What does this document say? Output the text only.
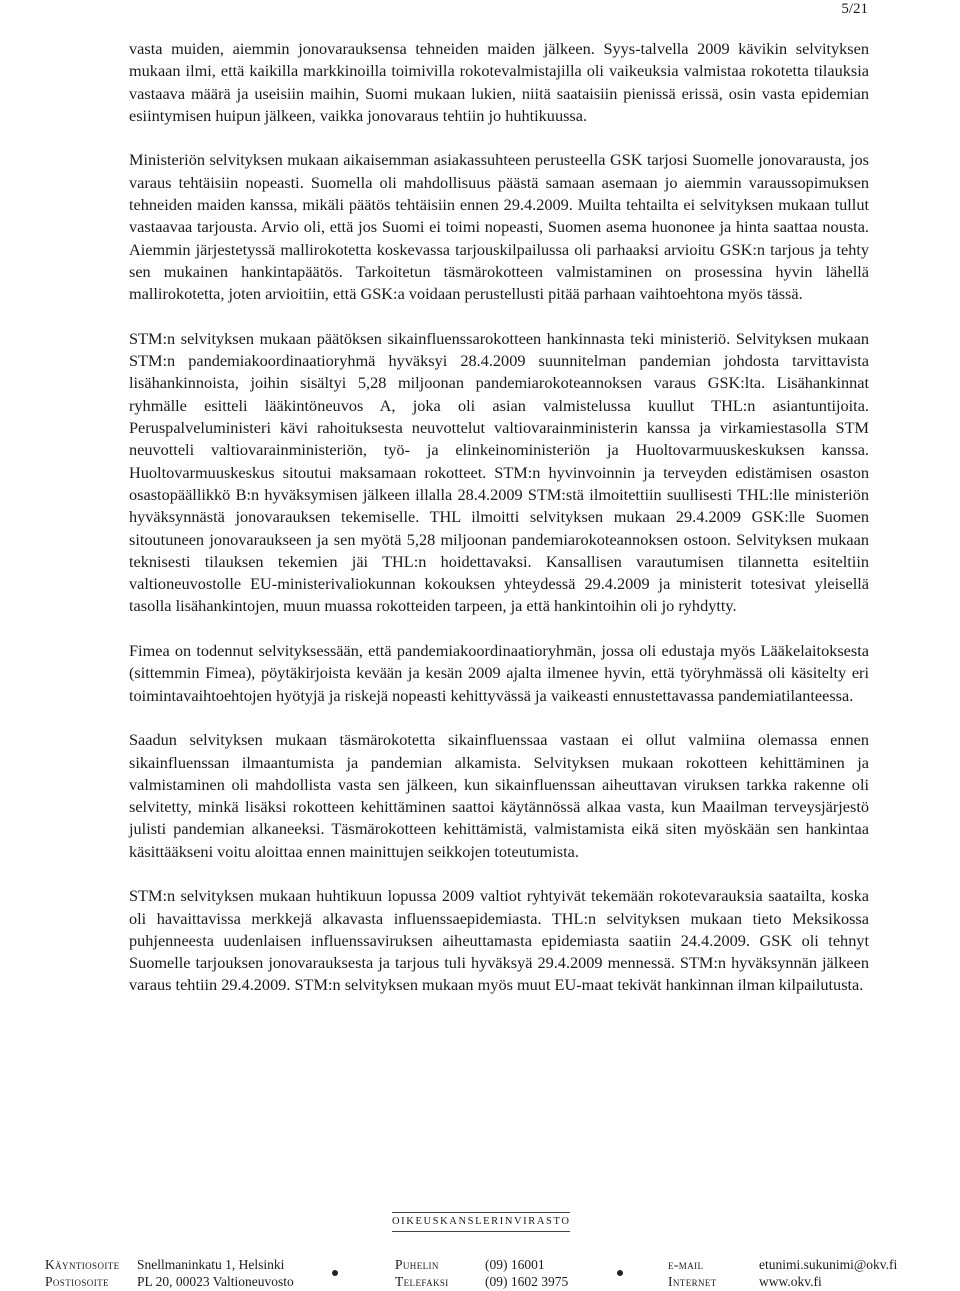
5/21

vasta muiden, aiemmin jonovarauksensa tehneiden maiden jälkeen. Syys-talvella 2009 kävikin selvityksen mukaan ilmi, että kaikilla markkinoilla toimivilla rokotevalmistajilla oli vaikeuksia valmistaa rokotetta tilauksia vastaava määrä ja useisiin maihin, Suomi mukaan lukien, niitä saataisiin pienissä erissä, osin vasta epidemian esiintymisen huipun jälkeen, vaikka jonovaraus tehtiin jo huhtikuussa.

Ministeriön selvityksen mukaan aikaisemman asiakassuhteen perusteella GSK tarjosi Suomelle jonovarausta, jos varaus tehtäisiin nopeasti. Suomella oli mahdollisuus päästä samaan asemaan jo aiemmin varaussopimuksen tehneiden maiden kanssa, mikäli päätös tehtäisiin ennen 29.4.2009. Muilta tehtailta ei selvityksen mukaan tullut vastaavaa tarjousta. Arvio oli, että jos Suomi ei toimi nopeasti, Suomen asema huononee ja hinta saattaa nousta. Aiemmin järjestetyssä mallirokotetta koskevassa tarjouskilpailussa oli parhaaksi arvioitu GSK:n tarjous ja tehty sen mukainen hankintapäätös. Tarkoitetun täsmärokotteen valmistaminen on prosessina hyvin lähellä mallirokotetta, joten arvioitiin, että GSK:a voidaan perustellusti pitää parhaan vaihtoehtona myös tässä.

STM:n selvityksen mukaan päätöksen sikainfluenssarokotteen hankinnasta teki ministeriö. Selvityksen mukaan STM:n pandemiakoordinaatioryhmä hyväksyi 28.4.2009 suunnitelman pandemian johdosta tarvittavista lisähankinnoista, joihin sisältyi 5,28 miljoonan pandemiarokoteannoksen varaus GSK:lta. Lisähankinnat ryhmälle esitteli lääkintöneuvos A, joka oli asian valmistelussa kuullut THL:n asiantuntijoita. Peruspalveluministeri kävi rahoituksesta neuvottelut valtiovarainministerin kanssa ja virkamiestasolla STM neuvotteli valtiovarainministeriön, työ- ja elinkeinoministeriön ja Huoltovarmuuskeskuksen kanssa. Huoltovarmuuskeskus sitoutui maksamaan rokotteet. STM:n hyvinvoinnin ja terveyden edistämisen osaston osastopäällikkö B:n hyväksymisen jälkeen illalla 28.4.2009 STM:stä ilmoitettiin suullisesti THL:lle ministeriön hyväksynnästä jonovarauksen tekemiselle. THL ilmoitti selvityksen mukaan 29.4.2009 GSK:lle Suomen sitoutuneen jonovaraukseen ja sen myötä 5,28 miljoonan pandemiarokoteannoksen ostoon. Selvityksen mukaan teknisesti tilauksen tekemien jäi THL:n hoidettavaksi. Kansallisen varautumisen tilannetta esiteltiin valtioneuvostolle EU-ministerivaliokunnan kokouksen yhteydessä 29.4.2009 ja ministerit totesivat yleisellä tasolla lisähankintojen, muun muassa rokotteiden tarpeen, ja että hankintoihin oli jo ryhdytty.

Fimea on todennut selvityksessään, että pandemiakoordinaatioryhmän, jossa oli edustaja myös Lääkelaitoksesta (sittemmin Fimea), pöytäkirjoista kevään ja kesän 2009 ajalta ilmenee hyvin, että työryhmässä oli käsitelty eri toimintavaihtoehtojen hyötyjä ja riskejä nopeasti kehittyvässä ja vaikeasti ennustettavassa pandemiatilanteessa.

Saadun selvityksen mukaan täsmärokotetta sikainfluenssaa vastaan ei ollut valmiina olemassa ennen sikainfluenssan ilmaantumista ja pandemian alkamista. Selvityksen mukaan rokotteen kehittäminen ja valmistaminen oli mahdollista vasta sen jälkeen, kun sikainfluenssan aiheuttavan viruksen tarkka rakenne oli selvitetty, minkä lisäksi rokotteen kehittäminen saattoi käytännössä alkaa vasta, kun Maailman terveysjärjestö julisti pandemian alkaneeksi. Täsmärokotteen kehittämistä, valmistamista eikä siten myöskään sen hankintaa käsittääkseni voitu aloittaa ennen mainittujen seikkojen toteutumista.

STM:n selvityksen mukaan huhtikuun lopussa 2009 valtiot ryhtyivät tekemään rokotevarauksia saatailta, koska oli havaittavissa merkkejä alkavasta influenssaepidemiasta. THL:n selvityksen mukaan tieto Meksikossa puhjenneesta uudenlaisen influenssaviruksen aiheuttamasta epidemiasta saatiin 24.4.2009. GSK oli tehnyt Suomelle tarjouksen jonovarauksesta ja tarjous tuli hyväksyä 29.4.2009 mennessä. STM:n hyväksynnän jälkeen varaus tehtiin 29.4.2009. STM:n selvityksen mukaan myös muut EU-maat tekivät hankinnan ilman kilpailutusta.

OIKEUSKANSLERINVIRASTO
Käyntiosoite Snellmaninkatu 1, Helsinki
Postiosoite PL 20, 00023 Valtioneuvosto
Puhelin	(09) 16001
Telefaksi	(09) 1602 3975
e-mail	etunimi.sukunimi@okv.fi
Internet	www.okv.fi
